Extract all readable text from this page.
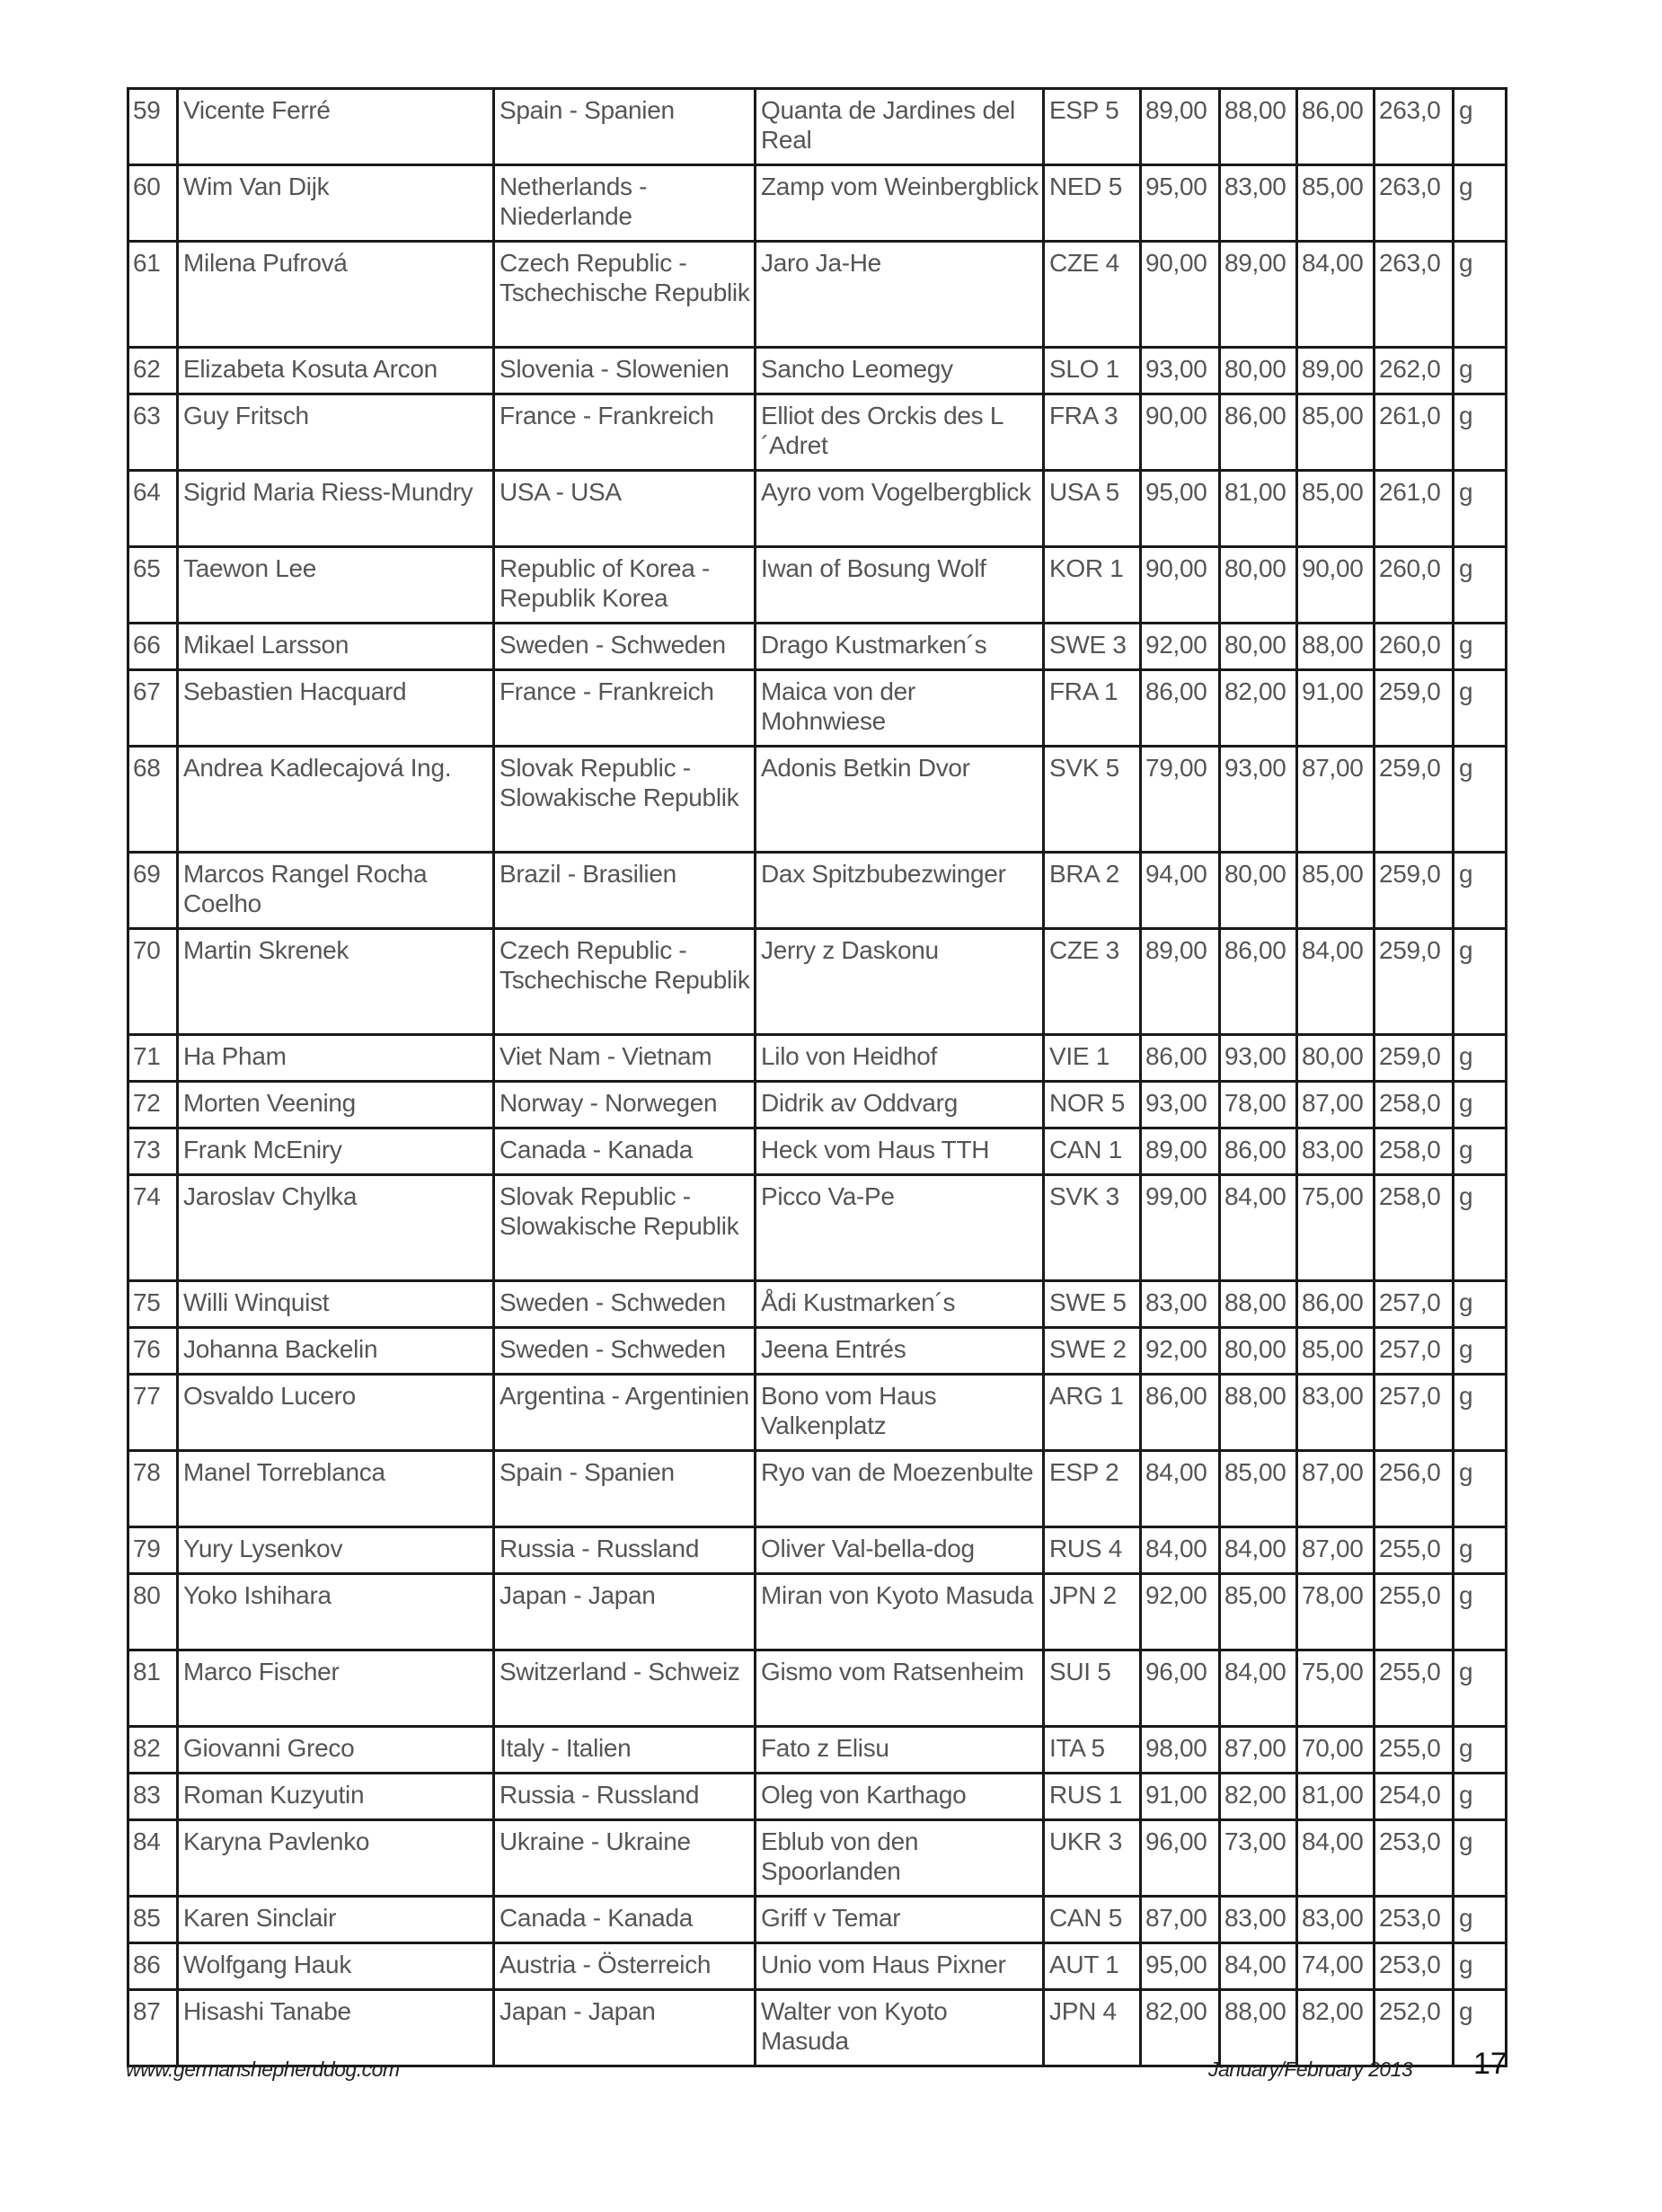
59	Vicente Ferré	Spain - Spanien	Quanta de Jardines del Real	ESP 5	89,00	88,00	86,00	263,0	g
60	Wim Van Dijk	Netherlands - Niederlande	Zamp vom Weinbergblick	NED 5	95,00	83,00	85,00	263,0	g
61	Milena Pufrová	Czech Republic - Tschechische Republik	Jaro Ja-He	CZE 4	90,00	89,00	84,00	263,0	g
62	Elizabeta Kosuta Arcon	Slovenia - Slowenien	Sancho Leomegy	SLO 1	93,00	80,00	89,00	262,0	g
63	Guy Fritsch	France - Frankreich	Elliot des Orckis des L´Adret	FRA 3	90,00	86,00	85,00	261,0	g
64	Sigrid Maria Riess-Mundry	USA - USA	Ayro vom Vogelbergblick	USA 5	95,00	81,00	85,00	261,0	g
65	Taewon Lee	Republic of Korea - Republik Korea	Iwan of Bosung Wolf	KOR 1	90,00	80,00	90,00	260,0	g
66	Mikael Larsson	Sweden - Schweden	Drago Kustmarken´s	SWE 3	92,00	80,00	88,00	260,0	g
67	Sebastien Hacquard	France - Frankreich	Maica von der Mohnwiese	FRA 1	86,00	82,00	91,00	259,0	g
68	Andrea Kadlecajová Ing.	Slovak Republic - Slowakische Republik	Adonis Betkin Dvor	SVK 5	79,00	93,00	87,00	259,0	g
69	Marcos Rangel Rocha Coelho	Brazil - Brasilien	Dax Spitzbubezwinger	BRA 2	94,00	80,00	85,00	259,0	g
70	Martin Skrenek	Czech Republic - Tschechische Republik	Jerry z Daskonu	CZE 3	89,00	86,00	84,00	259,0	g
71	Ha Pham	Viet Nam - Vietnam	Lilo von Heidhof	VIE 1	86,00	93,00	80,00	259,0	g
72	Morten Veening	Norway - Norwegen	Didrik av Oddvarg	NOR 5	93,00	78,00	87,00	258,0	g
73	Frank McEniry	Canada - Kanada	Heck vom Haus TTH	CAN 1	89,00	86,00	83,00	258,0	g
74	Jaroslav Chylka	Slovak Republic - Slowakische Republik	Picco Va-Pe	SVK 3	99,00	84,00	75,00	258,0	g
75	Willi Winquist	Sweden - Schweden	Ådi Kustmarken´s	SWE 5	83,00	88,00	86,00	257,0	g
76	Johanna Backelin	Sweden - Schweden	Jeena Entrés	SWE 2	92,00	80,00	85,00	257,0	g
77	Osvaldo Lucero	Argentina - Argentinien	Bono vom Haus Valkenplatz	ARG 1	86,00	88,00	83,00	257,0	g
78	Manel Torreblanca	Spain - Spanien	Ryo van de Moezenbulte	ESP 2	84,00	85,00	87,00	256,0	g
79	Yury Lysenkov	Russia - Russland	Oliver Val-bella-dog	RUS 4	84,00	84,00	87,00	255,0	g
80	Yoko Ishihara	Japan - Japan	Miran von Kyoto Masuda	JPN 2	92,00	85,00	78,00	255,0	g
81	Marco Fischer	Switzerland - Schweiz	Gismo vom Ratsenheim	SUI 5	96,00	84,00	75,00	255,0	g
82	Giovanni Greco	Italy - Italien	Fato z Elisu	ITA 5	98,00	87,00	70,00	255,0	g
83	Roman Kuzyutin	Russia - Russland	Oleg von Karthago	RUS 1	91,00	82,00	81,00	254,0	g
84	Karyna Pavlenko	Ukraine - Ukraine	Eblub von den Spoorlanden	UKR 3	96,00	73,00	84,00	253,0	g
85	Karen Sinclair	Canada - Kanada	Griff v Temar	CAN 5	87,00	83,00	83,00	253,0	g
86	Wolfgang Hauk	Austria - Österreich	Unio vom Haus Pixner	AUT 1	95,00	84,00	74,00	253,0	g
87	Hisashi Tanabe	Japan - Japan	Walter von Kyoto Masuda	JPN 4	82,00	88,00	82,00	252,0	g
www.germanshepherddog.com	January/February 2013 17
